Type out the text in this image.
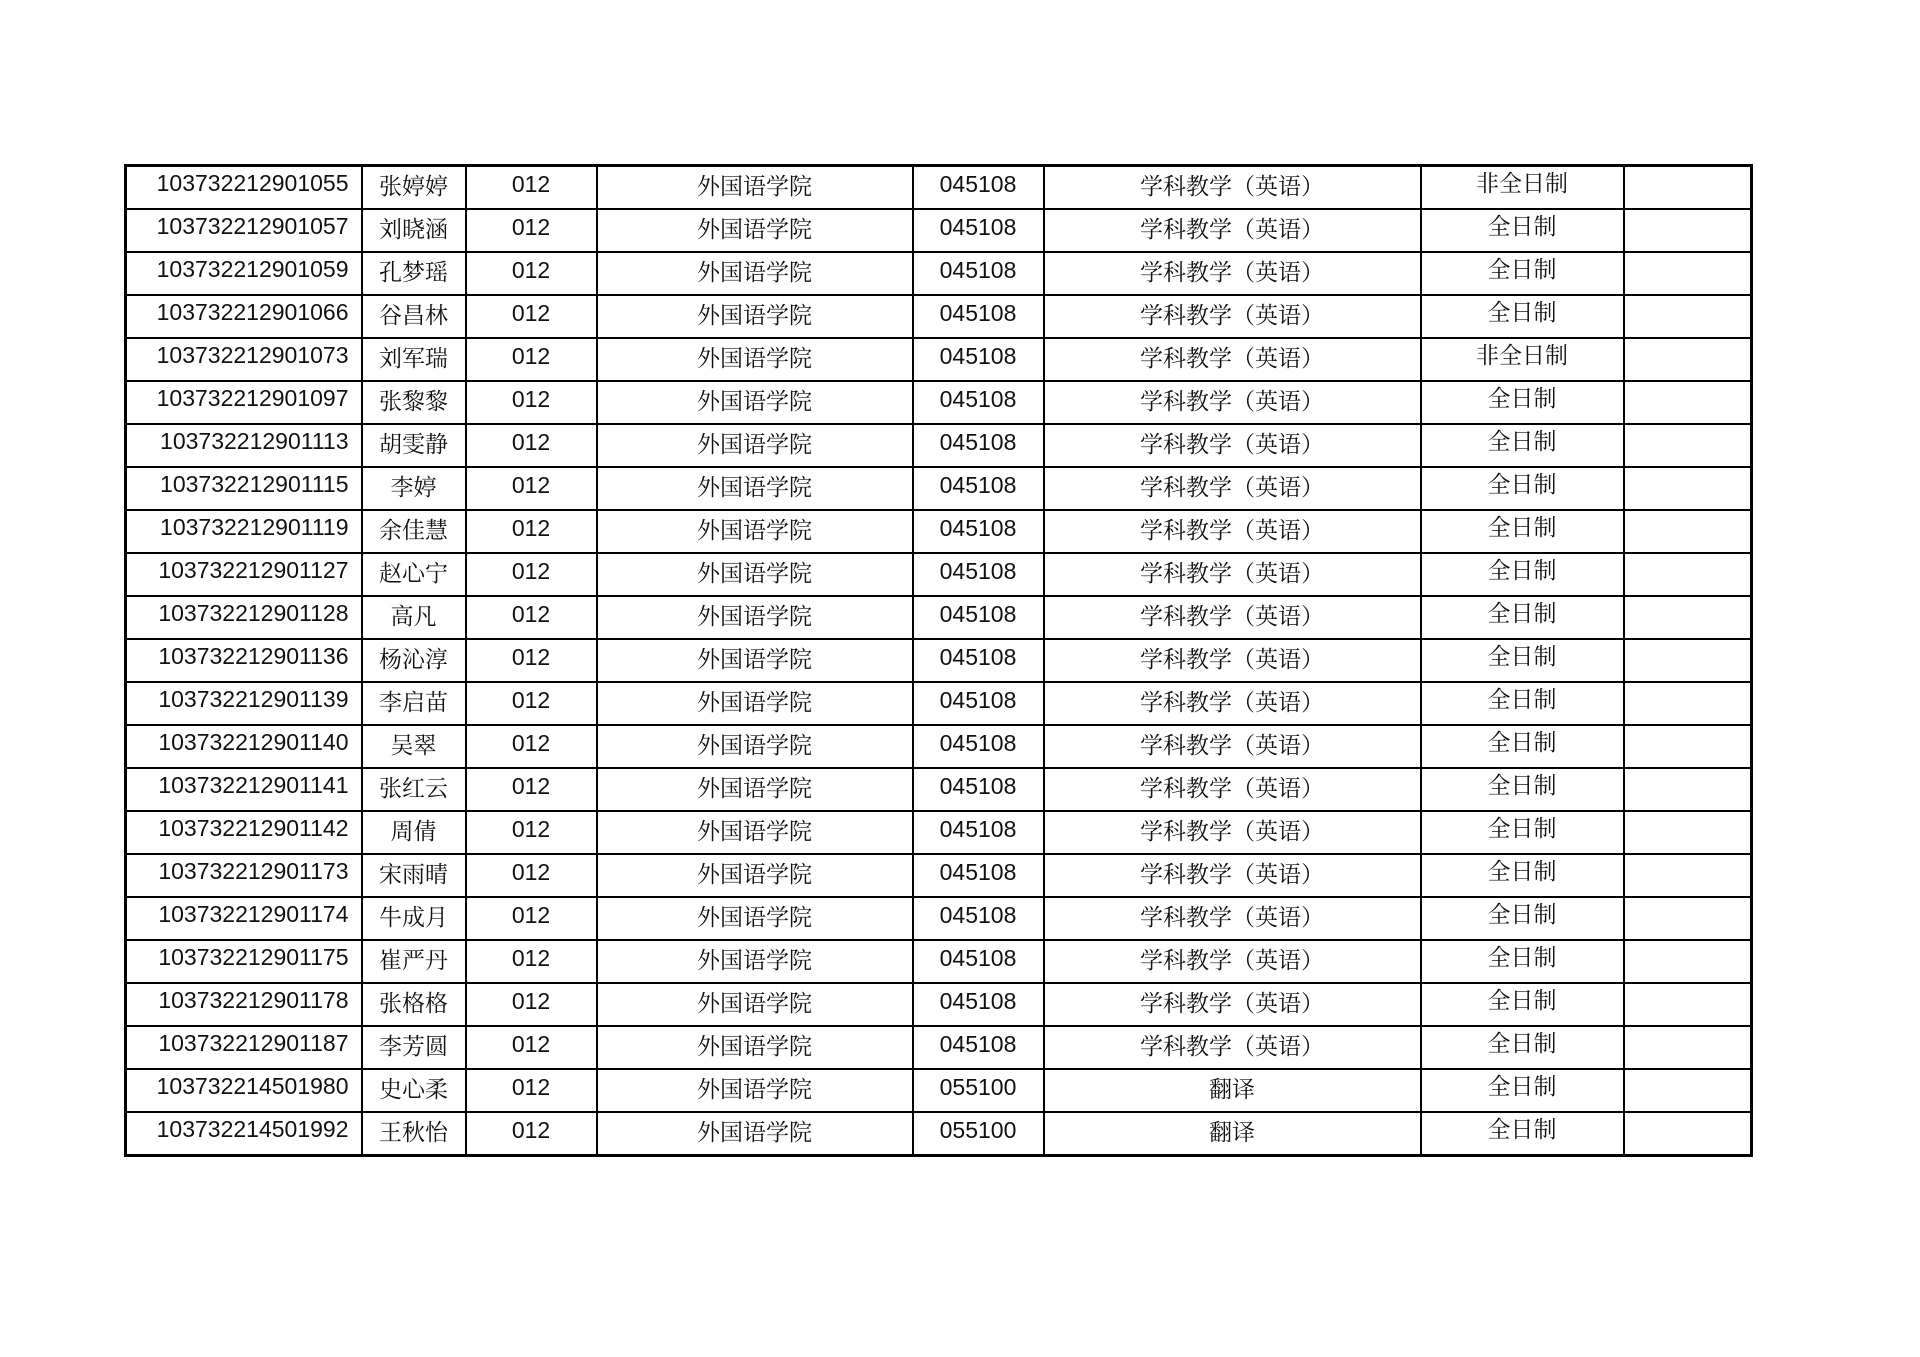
103732212901055	张婷婷	012	外国语学院	045108	学科教学（英语）	非全日制	
103732212901057	刘晓涵	012	外国语学院	045108	学科教学（英语）	全日制	
103732212901059	孔梦瑶	012	外国语学院	045108	学科教学（英语）	全日制	
103732212901066	谷昌林	012	外国语学院	045108	学科教学（英语）	全日制	
103732212901073	刘军瑞	012	外国语学院	045108	学科教学（英语）	非全日制	
103732212901097	张黎黎	012	外国语学院	045108	学科教学（英语）	全日制	
103732212901113	胡雯静	012	外国语学院	045108	学科教学（英语）	全日制	
103732212901115	李婷	012	外国语学院	045108	学科教学（英语）	全日制	
103732212901119	余佳慧	012	外国语学院	045108	学科教学（英语）	全日制	
103732212901127	赵心宁	012	外国语学院	045108	学科教学（英语）	全日制	
103732212901128	高凡	012	外国语学院	045108	学科教学（英语）	全日制	
103732212901136	杨沁淳	012	外国语学院	045108	学科教学（英语）	全日制	
103732212901139	李启苗	012	外国语学院	045108	学科教学（英语）	全日制	
103732212901140	吴翠	012	外国语学院	045108	学科教学（英语）	全日制	
103732212901141	张红云	012	外国语学院	045108	学科教学（英语）	全日制	
103732212901142	周倩	012	外国语学院	045108	学科教学（英语）	全日制	
103732212901173	宋雨晴	012	外国语学院	045108	学科教学（英语）	全日制	
103732212901174	牛成月	012	外国语学院	045108	学科教学（英语）	全日制	
103732212901175	崔严丹	012	外国语学院	045108	学科教学（英语）	全日制	
103732212901178	张格格	012	外国语学院	045108	学科教学（英语）	全日制	
103732212901187	李芳圆	012	外国语学院	045108	学科教学（英语）	全日制	
103732214501980	史心柔	012	外国语学院	055100	翻译	全日制	
103732214501992	王秋怡	012	外国语学院	055100	翻译	全日制	
